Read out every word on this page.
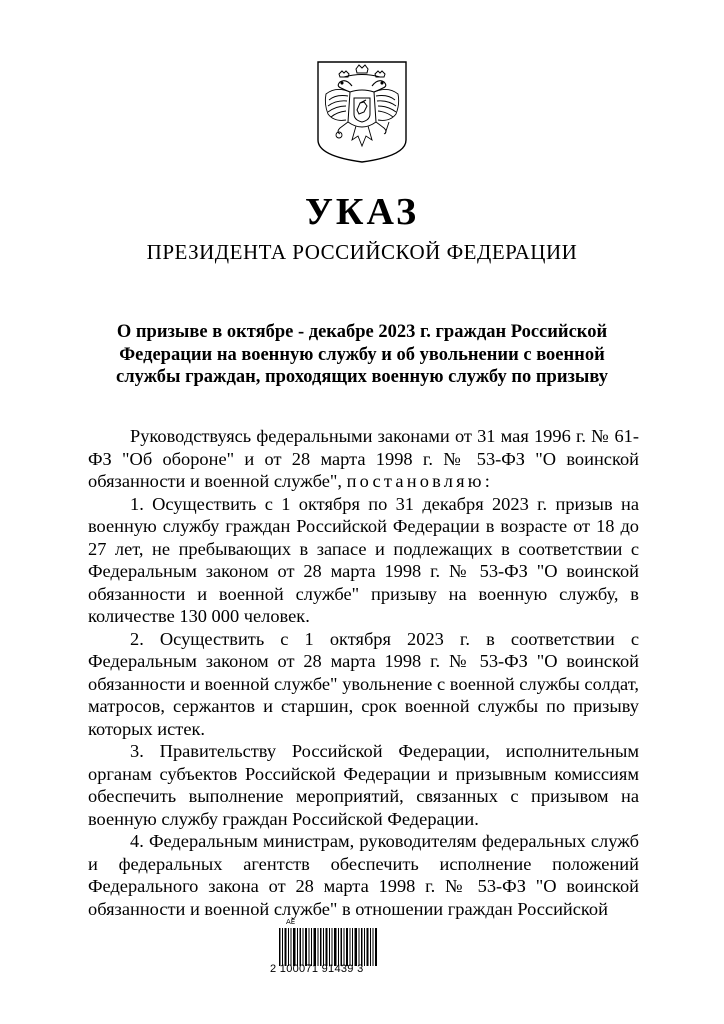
УКАЗ
ПРЕЗИДЕНТА РОССИЙСКОЙ ФЕДЕРАЦИИ
О призыве в октябре - декабре 2023 г. граждан Российской
Федерации на военную службу и об увольнении с военной
службы граждан, проходящих военную службу по призыву

Руководствуясь федеральными законами от 31 мая 1996 г. № 61-ФЗ "Об обороне" и от 28 марта 1998 г. № 53-ФЗ "О воинской обязанности и военной службе", постановляю:

1. Осуществить с 1 октября по 31 декабря 2023 г. призыв на военную службу граждан Российской Федерации в возрасте от 18 до 27 лет, не пребывающих в запасе и подлежащих в соответствии с Федеральным законом от 28 марта 1998 г. № 53-ФЗ "О воинской обязанности и военной службе" призыву на военную службу, в количестве 130 000 человек.

2. Осуществить с 1 октября 2023 г. в соответствии с Федеральным законом от 28 марта 1998 г. № 53-ФЗ "О воинской обязанности и военной службе" увольнение с военной службы солдат, матросов, сержантов и старшин, срок военной службы по призыву которых истек.

3. Правительству Российской Федерации, исполнительным органам субъектов Российской Федерации и призывным комиссиям обеспечить выполнение мероприятий, связанных с призывом на военную службу граждан Российской Федерации.

4. Федеральным министрам, руководителям федеральных служб и федеральных агентств обеспечить исполнение положений Федерального закона от 28 марта 1998 г. № 53-ФЗ "О воинской обязанности и военной службе" в отношении граждан Российской

АЕ
2 100071 91439 3
